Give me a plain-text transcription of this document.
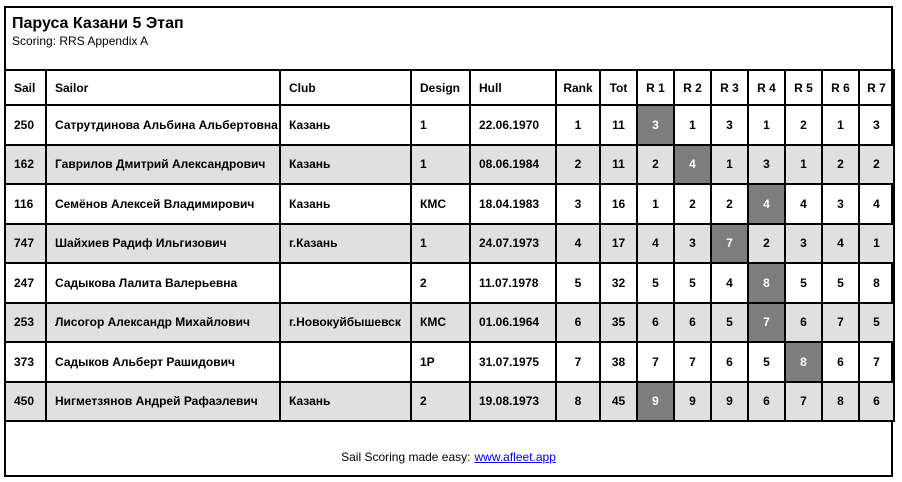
Паруса Казани 5 Этап
Scoring: RRS Appendix A
Sail	Sailor	Club	Design	Hull	Rank	Tot	R 1	R 2	R 3	R 4	R 5	R 6	R 7
250	Сатрутдинова Альбина Альбертовна	Казань	1	22.06.1970	1	11	3	1	3	1	2	1	3
162	Гаврилов Дмитрий Александрович	Казань	1	08.06.1984	2	11	2	4	1	3	1	2	2
116	Семёнов Алексей Владимирович	Казань	КМС	18.04.1983	3	16	1	2	2	4	4	3	4
747	Шайхиев Радиф Ильгизович	г.Казань	1	24.07.1973	4	17	4	3	7	2	3	4	1
247	Садыкова Лалита Валерьевна		2	11.07.1978	5	32	5	5	4	8	5	5	8
253	Лисогор Александр Михайлович	г.Новокуйбышевск	КМС	01.06.1964	6	35	6	6	5	7	6	7	5
373	Садыков Альберт Рашидович		1Р	31.07.1975	7	38	7	7	6	5	8	6	7
450	Нигметзянов Андрей Рафаэлевич	Казань	2	19.08.1973	8	45	9	9	9	6	7	8	6
Sail Scoring made easy: www.afleet.app
